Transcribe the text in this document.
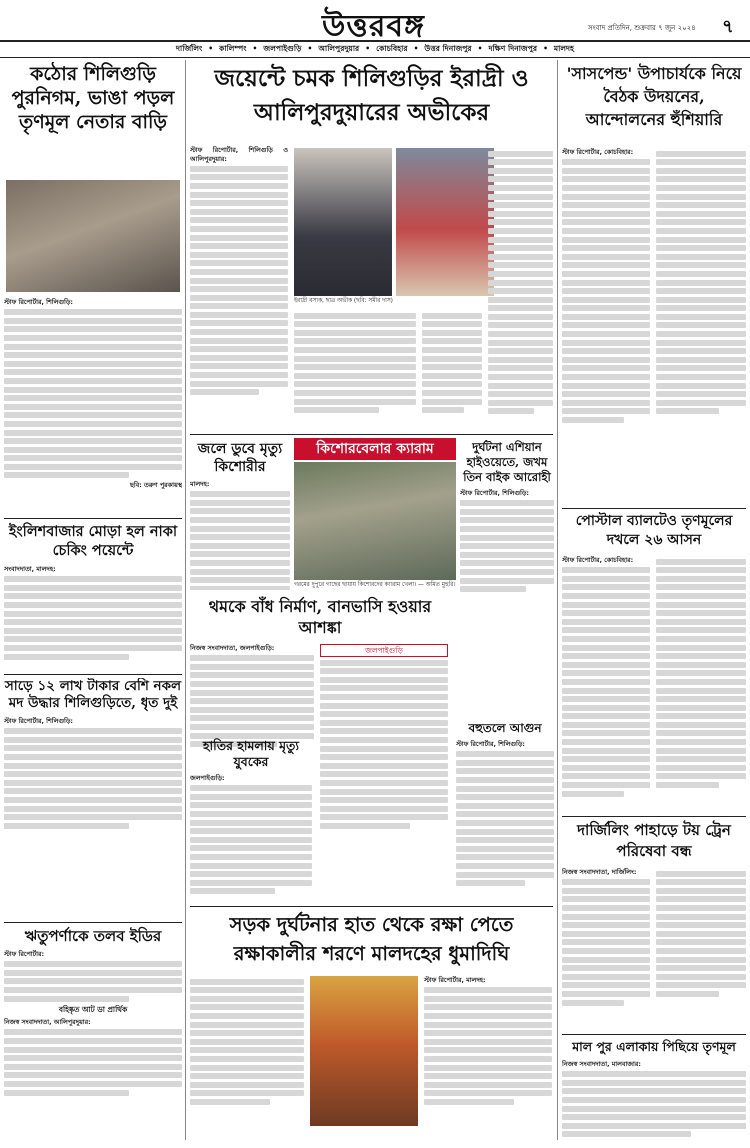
উত্তরবঙ্গ	সংবাদ প্রতিদিন, শুক্রবার ৭ জুন ২০২৪ ৭
দার্জিলিং • কালিম্পং • জলপাইগুড়ি • আলিপুরদুয়ার • কোচবিহার • উত্তর দিনাজপুর • দক্ষিণ দিনাজপুর • মালদহ
কঠোর শিলিগুড়ি পুরনিগম, ভাঙা পড়ল তৃণমূল নেতার বাড়ি
স্টাফ রিপোর্টার, শিলিগুড়ি:
ছবি: তরুণ পুরকায়স্থ
ইংলিশবাজার মোড়া হল নাকা চেকিং পয়েন্টে
সংবাদদাতা, মালদহ:
সাড়ে ১২ লাখ টাকার বেশি নকল মদ উদ্ধার শিলিগুড়িতে, ধৃত দুই
স্টাফ রিপোর্টার, শিলিগুড়ি:
ঋতুপর্ণাকে তলব ইডির
স্টাফ রিপোর্টার:
বহিষ্কৃত আট ডা প্রার্থিক
নিজস্ব সংবাদদাতা, আলিপুরদুয়ার:
জয়েন্টে চমক শিলিগুড়ির ইরাদ্রী ও আলিপুরদুয়ারের অভীকের
স্টাফ রিপোর্টার, শিলিগুড়ি ও আলিপুরদুয়ার:
ইরাদ্রী বসাক, ছাত্র অভীক (ছবি: সমীর দাস)
জলে ডুবে মৃত্যু কিশোরীর
মালদহ:
কিশোরবেলার ক্যারাম
গরমের দুপুরে গাছের ছায়ায় কিশোরদের ক্যারাম খেলা। — অমিত মুহুরি।
দুর্ঘটনা এশিয়ান হাইওয়েতে, জখম তিন বাইক আরোহী
স্টাফ রিপোর্টার, শিলিগুড়ি:
থমকে বাঁধ নির্মাণ, বানভাসি হওয়ার আশঙ্কা
নিজস্ব সংবাদদাতা, জলপাইগুড়ি:	জলপাইগুড়ি
হাতির হামলায় মৃত্যু যুবকের
জলপাইগুড়ি:
বহুতলে আগুন
স্টাফ রিপোর্টার, শিলিগুড়ি:
সড়ক দুর্ঘটনার হাত থেকে রক্ষা পেতে রক্ষাকালীর শরণে মালদহের ধুমাদিঘি
স্টাফ রিপোর্টার, মালদহ:
'সাসপেন্ড' উপাচার্যকে নিয়ে বৈঠক উদয়নের, আন্দোলনের হুঁশিয়ারি
স্টাফ রিপোর্টার, কোচবিহার:
পোস্টাল ব্যালটেও তৃণমূলের দখলে ২৬ আসন
স্টাফ রিপোর্টার, কোচবিহার:
দার্জিলিং পাহাড়ে টয় ট্রেন পরিষেবা বন্ধ
নিজস্ব সংবাদদাতা, দার্জিলিং:
মাল পুর এলাকায় পিছিয়ে তৃণমূল
নিজস্ব সংবাদদাতা, মালবাজার:
